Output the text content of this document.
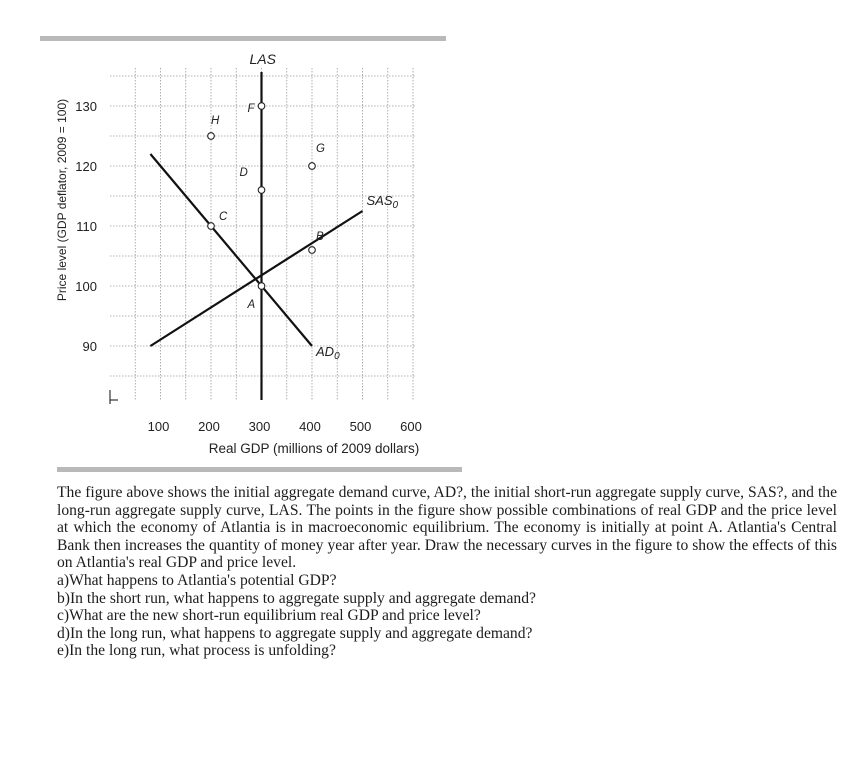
LAS
$SAS_0$
$AD_0$
A
B
C
D
F
G
H
90
100
110
120
130
100 200 300 400 500 600
Real GDP (millions of 2009 dollars)
Price level (GDP deflator, 2009 = 100)

The figure above shows the initial aggregate demand curve, AD?, the initial short-run aggregate supply curve, SAS?, and the long-run aggregate supply curve, LAS. The points in the figure show possible combinations of real GDP and the price level at which the economy of Atlantia is in macroeconomic equilibrium. The economy is initially at point A. Atlantia's Central Bank then increases the quantity of money year after year. Draw the necessary curves in the figure to show the effects of this on Atlantia's real GDP and price level.

a)What happens to Atlantia's potential GDP?

b)In the short run, what happens to aggregate supply and aggregate demand?

c)What are the new short-run equilibrium real GDP and price level?

d)In the long run, what happens to aggregate supply and aggregate demand?

e)In the long run, what process is unfolding?
